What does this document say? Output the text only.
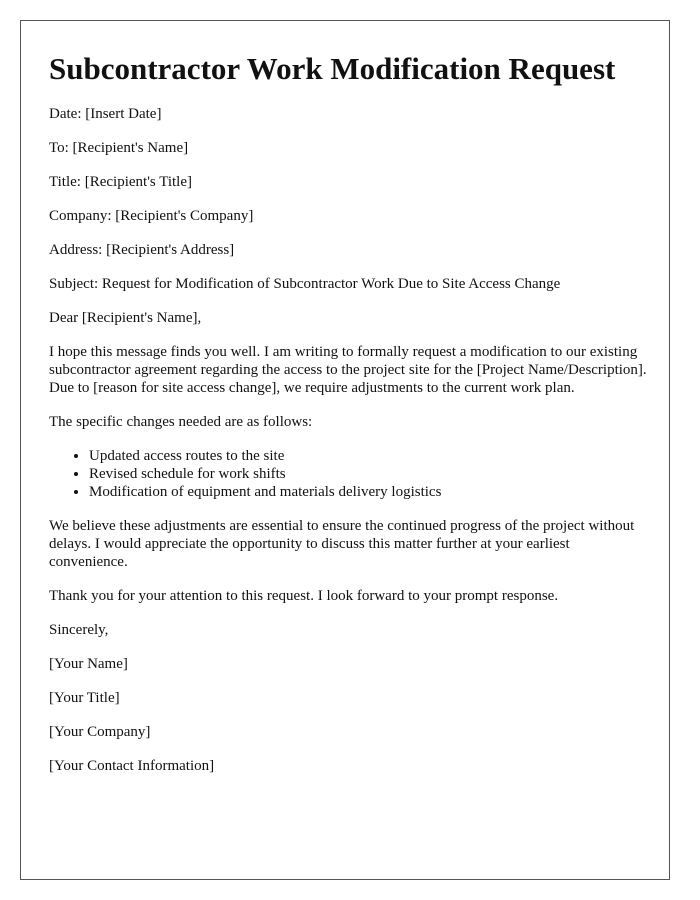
Subcontractor Work Modification Request

Date: [Insert Date]

To: [Recipient's Name]

Title: [Recipient's Title]

Company: [Recipient's Company]

Address: [Recipient's Address]

Subject: Request for Modification of Subcontractor Work Due to Site Access Change

Dear [Recipient's Name],

I hope this message finds you well. I am writing to formally request a modification to our existing subcontractor agreement regarding the access to the project site for the [Project Name/Description]. Due to [reason for site access change], we require adjustments to the current work plan.

The specific changes needed are as follows:

• Updated access routes to the site
• Revised schedule for work shifts
• Modification of equipment and materials delivery logistics

We believe these adjustments are essential to ensure the continued progress of the project without delays. I would appreciate the opportunity to discuss this matter further at your earliest convenience.

Thank you for your attention to this request. I look forward to your prompt response.

Sincerely,

[Your Name]

[Your Title]

[Your Company]

[Your Contact Information]
